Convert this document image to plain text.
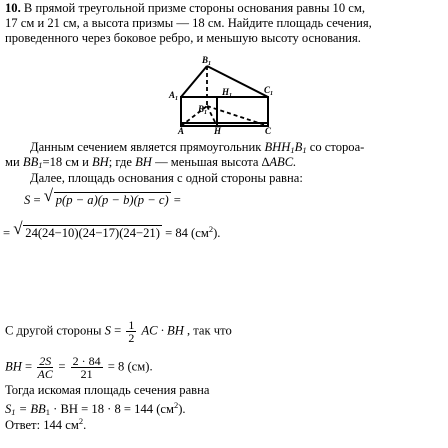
10. В прямой треугольной призме стороны основания равны 10 см,
17 см и 21 см, а высота призмы — 18 см. Найдите площадь сечения,
проведенного через боковое ребро, и меньшую высоту основания.
$B_1$
$A_1$
$H_1$
$C_1$
$B_1$
A	H	C
Данным сечением является прямоугольник $BHH_1B_1$ со стороа-
ми $BB_1=18$ см и BH; где BH — меньшая высота ∆ABC.
Далее, площадь основания с одной стороны равна:
S = √ p(p − a)(p − b)(p − c) =
= √ 24(24−10)(24−17)(24−21) = 84 $(см^2)$.
С другой стороны $S = \frac{1}{2}$ AC · BH , так что
BH = $\frac{2S}{AC} = \frac{2 \cdot 84}{21} = 8$ (см).
Тогда искомая площадь сечения равна
$S_1 = BB_1$ · BH = 18 · 8 = 144 $(см^2)$.
Ответ: 144 $см^2$.
